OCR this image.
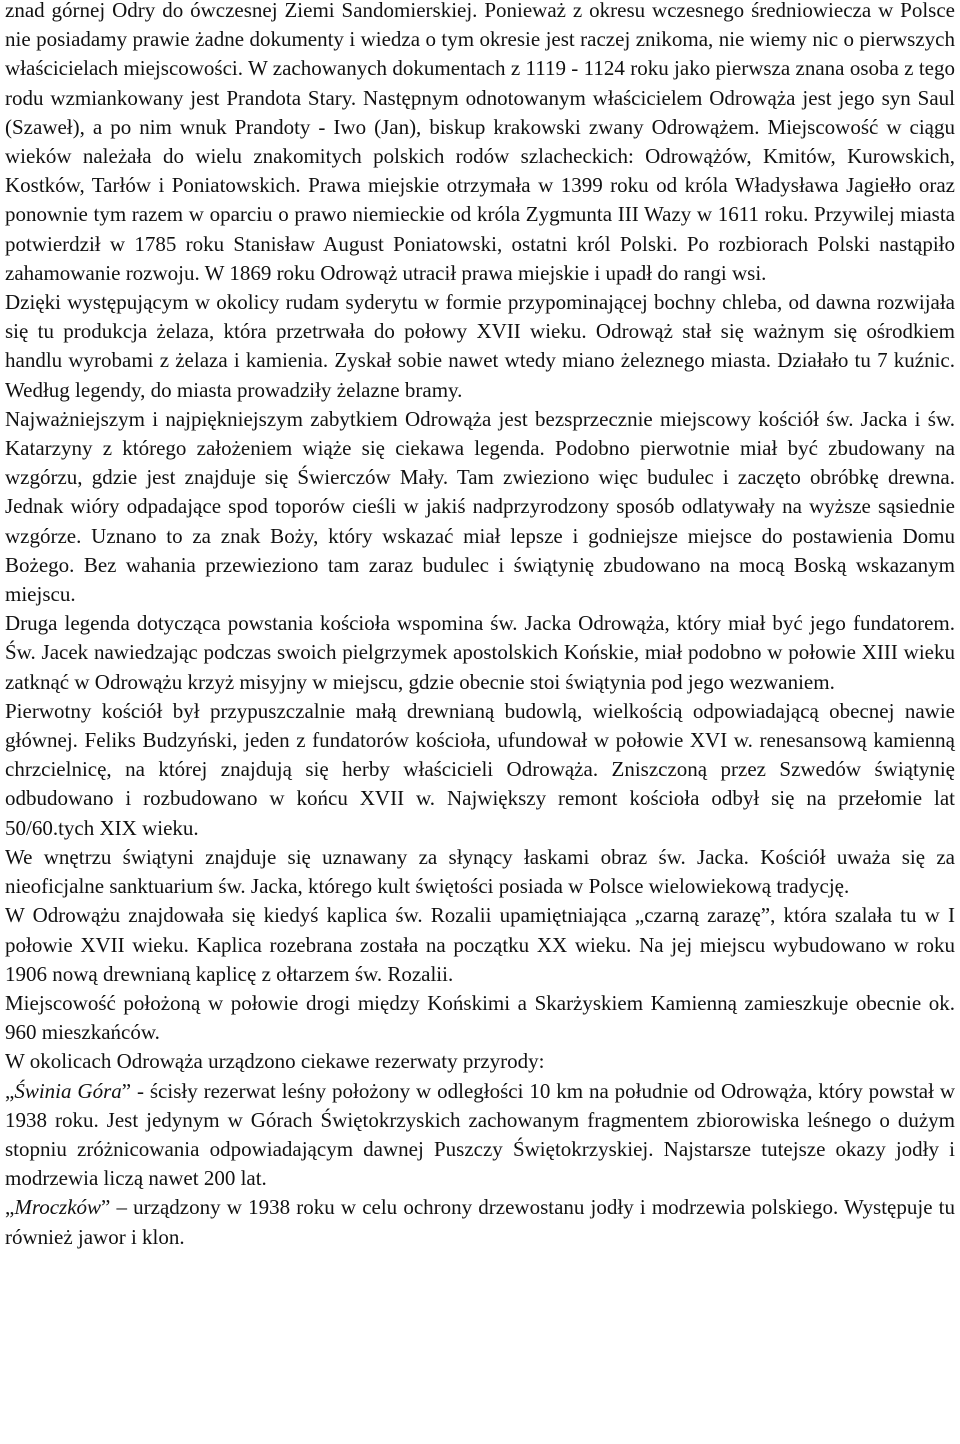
znad górnej Odry do ówczesnej Ziemi Sandomierskiej. Ponieważ z okresu wczesnego średniowiecza w Polsce nie posiadamy prawie żadne dokumenty i wiedza o tym okresie jest raczej znikoma, nie wiemy nic o pierwszych właścicielach miejscowości. W zachowanych dokumentach z 1119 - 1124 roku jako pierwsza znana osoba z tego rodu wzmiankowany jest Prandota Stary. Następnym odnotowanym właścicielem Odrowąża jest jego syn Saul (Szaweł), a po nim wnuk Prandoty - Iwo (Jan), biskup krakowski zwany Odrowążem. Miejscowość w ciągu wieków należała do wielu znakomitych polskich rodów szlacheckich: Odrowążów, Kmitów, Kurowskich, Kostków, Tarłów i Poniatowskich. Prawa miejskie otrzymała w 1399 roku od króla Władysława Jagiełło oraz ponownie tym razem w oparciu o prawo niemieckie od króla Zygmunta III Wazy w 1611 roku. Przywilej miasta potwierdził w 1785 roku Stanisław August Poniatowski, ostatni król Polski. Po rozbiorach Polski nastąpiło zahamowanie rozwoju. W 1869 roku Odrowąż utracił prawa miejskie i upadł do rangi wsi.

Dzięki występującym w okolicy rudam syderytu w formie przypominającej bochny chleba, od dawna rozwijała się tu produkcja żelaza, która przetrwała do połowy XVII wieku. Odrowąż stał się ważnym się ośrodkiem handlu wyrobami z żelaza i kamienia. Zyskał sobie nawet wtedy miano żeleznego miasta. Działało tu 7 kuźnic. Według legendy, do miasta prowadziły żelazne bramy.

Najważniejszym i najpiękniejszym zabytkiem Odrowąża jest bezsprzecznie miejscowy kościół św. Jacka i św. Katarzyny z którego założeniem wiąże się ciekawa legenda. Podobno pierwotnie miał być zbudowany na wzgórzu, gdzie jest znajduje się Świerczów Mały. Tam zwieziono więc budulec i zaczęto obróbkę drewna. Jednak wióry odpadające spod toporów cieśli w jakiś nadprzyrodzony sposób odlatywały na wyższe sąsiednie wzgórze. Uznano to za znak Boży, który wskazać miał lepsze i godniejsze miejsce do postawienia Domu Bożego. Bez wahania przewieziono tam zaraz budulec i świątynię zbudowano na mocą Boską wskazanym miejscu.

Druga legenda dotycząca powstania kościoła wspomina św. Jacka Odrowąża, który miał być jego fundatorem. Św. Jacek nawiedzając podczas swoich pielgrzymek apostolskich Końskie, miał podobno w połowie XIII wieku zatknąć w Odrowążu krzyż misyjny w miejscu, gdzie obecnie stoi świątynia pod jego wezwaniem.

Pierwotny kościół był przypuszczalnie małą drewnianą budowlą, wielkością odpowiadającą obecnej nawie głównej. Feliks Budzyński, jeden z fundatorów kościoła, ufundował w połowie XVI w. renesansową kamienną chrzcielnicę, na której znajdują się herby właścicieli Odrowąża. Zniszczoną przez Szwedów świątynię odbudowano i rozbudowano w końcu XVII w. Największy remont kościoła odbył się na przełomie lat 50/60.tych XIX wieku.

We wnętrzu świątyni znajduje się uznawany za słynący łaskami obraz św. Jacka. Kościół uważa się za nieoficjalne sanktuarium św. Jacka, którego kult świętości posiada w Polsce wielowiekową tradycję.

W Odrowążu znajdowała się kiedyś kaplica św. Rozalii upamiętniająca „czarną zarazę”, która szalała tu w I połowie XVII wieku. Kaplica rozebrana została na początku XX wieku. Na jej miejscu wybudowano w roku 1906 nową drewnianą kaplicę z ołtarzem św. Rozalii.

Miejscowość położoną w połowie drogi między Końskimi a Skarżyskiem Kamienną zamieszkuje obecnie ok. 960 mieszkańców.

W okolicach Odrowąża urządzono ciekawe rezerwaty przyrody:

„Świnia Góra” - ścisły rezerwat leśny położony w odległości 10 km na południe od Odrowąża, który powstał w 1938 roku. Jest jedynym w Górach Świętokrzyskich zachowanym fragmentem zbiorowiska leśnego o dużym stopniu zróżnicowania odpowiadającym dawnej Puszczy Świętokrzyskiej. Najstarsze tutejsze okazy jodły i modrzewia liczą nawet 200 lat.

„Mroczków” – urządzony w 1938 roku w celu ochrony drzewostanu jodły i modrzewia polskiego. Występuje tu również jawor i klon.
